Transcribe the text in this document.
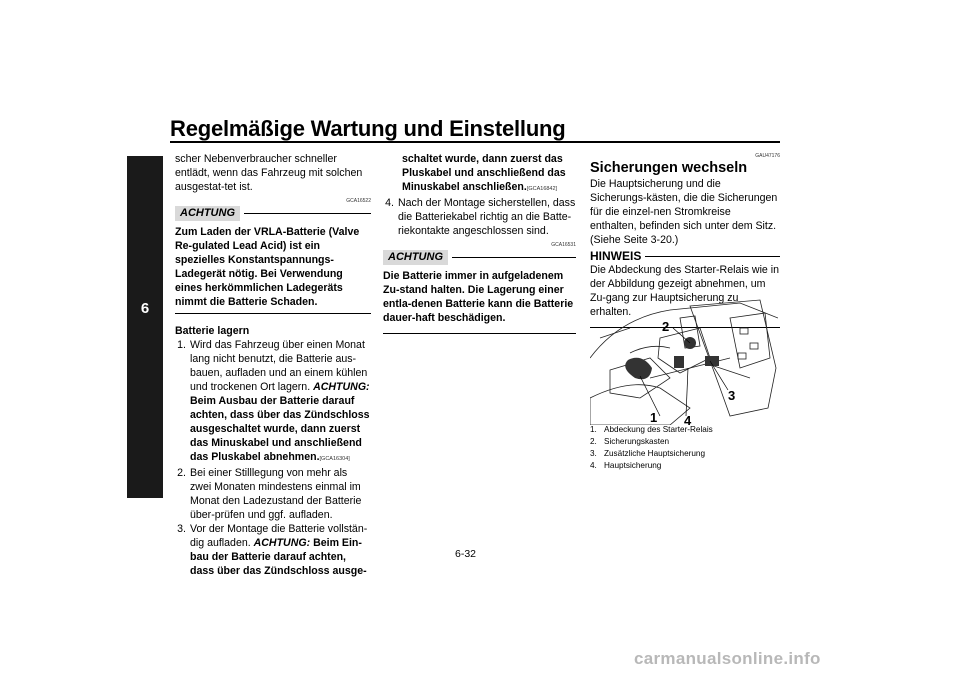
Regelmäßige Wartung und Einstellung
6

scher Nebenverbraucher schneller entlädt, wenn das Fahrzeug mit solchen ausgestat-tet ist.

GCA16522
ACHTUNG

Zum Laden der VRLA-Batterie (Valve Re-gulated Lead Acid) ist ein spezielles Konstantspannungs-Ladegerät nötig. Bei Verwendung eines herkömmlichen Ladegeräts nimmt die Batterie Schaden.

Batterie lagern

1. Wird das Fahrzeug über einen Monat lang nicht benutzt, die Batterie aus-bauen, aufladen und an einem kühlen und trockenen Ort lagern. ACHTUNG: Beim Ausbau der Batterie darauf achten, dass über das Zündschloss ausgeschaltet wurde, dann zuerst das Minuskabel und anschließend das Pluskabel abnehmen.[GCA16304]
2. Bei einer Stilllegung von mehr als zwei Monaten mindestens einmal im Monat den Ladezustand der Batterie über-prüfen und ggf. aufladen.
3. Vor der Montage die Batterie vollstän-dig aufladen. ACHTUNG: Beim Ein-bau der Batterie darauf achten, dass über das Zündschloss ausge-

schaltet wurde, dann zuerst das Pluskabel und anschließend das Minuskabel anschließen.[GCA16842]

4. Nach der Montage sicherstellen, dass die Batteriekabel richtig an die Batte-riekontakte angeschlossen sind.
GCA16531
ACHTUNG

Die Batterie immer in aufgeladenem Zu-stand halten. Die Lagerung einer entla-denen Batterie kann die Batterie dauer-haft beschädigen.

GAU47176

Sicherungen wechseln

Die Hauptsicherung und die Sicherungs-kästen, die die Sicherungen für die einzel-nen Stromkreise enthalten, befinden sich unter dem Sitz. (Siehe Seite 3-20.)

HINWEIS

Die Abdeckung des Starter-Relais wie in der Abbildung gezeigt abnehmen, um Zu-gang zur Hauptsicherung zu erhalten.

1
2
3
4
1. Abdeckung des Starter-Relais
2. Sicherungskasten
3. Zusätzliche Hauptsicherung
4. Hauptsicherung
6-32
carmanualsonline.info
